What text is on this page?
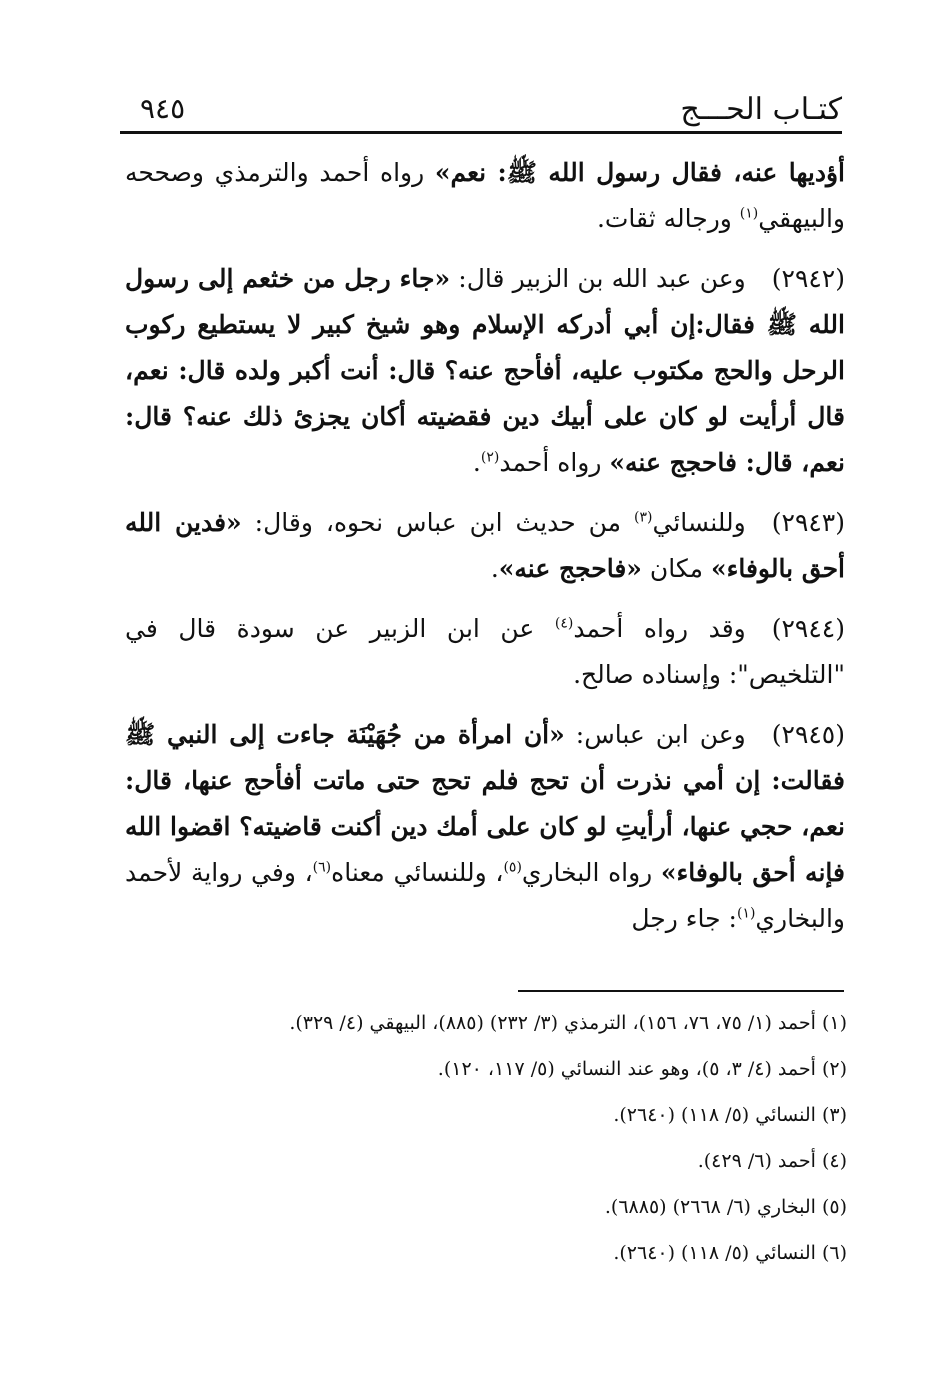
كتـاب الحـــج
٩٤٥

أؤديها عنه، فقال رسول الله ﷺ: نعم» رواه أحمد والترمذي وصححه والبيهقي$^{(١)}$ ورجاله ثقات.

(٢٩٤٢)وعن عبد الله بن الزبير قال: «جاء رجل من خثعم إلى رسول الله ﷺ فقال:إن أبي أدركه الإسلام وهو شيخ كبير لا يستطيع ركوب الرحل والحج مكتوب عليه، أفأحج عنه؟ قال: أنت أكبر ولده قال: نعم، قال أرأيت لو كان على أبيك دين فقضيته أكان يجزئ ذلك عنه؟ قال: نعم، قال: فاحجج عنه» رواه أحمد$^{(٢)}$.

(٢٩٤٣)وللنسائي$^{(٣)}$ من حديث ابن عباس نحوه، وقال: «فدين الله أحق بالوفاء» مكان «فاحجج عنه».

(٢٩٤٤)وقد رواه أحمد$^{(٤)}$ عن ابن الزبير عن سودة قال في "التلخيص": وإسناده صالح.

(٢٩٤٥)وعن ابن عباس: «أن امرأة من جُهَيْنَة جاءت إلى النبي ﷺ فقالت: إن أمي نذرت أن تحج فلم تحج حتى ماتت أفأحج عنها، قال: نعم، حجي عنها، أرأيتِ لو كان على أمك دين أكنت قاضيته؟ اقضوا الله فإنه أحق بالوفاء» رواه البخاري$^{(٥)}$، وللنسائي معناه$^{(٦)}$، وفي رواية لأحمد والبخاري$^{(١)}$: جاء رجل

(١) أحمد (١/ ٧٥، ٧٦، ١٥٦)، الترمذي (٣/ ٢٣٢) (٨٨٥)، البيهقي (٤/ ٣٢٩).
(٢) أحمد (٤/ ٣، ٥)، وهو عند النسائي (٥/ ١١٧، ١٢٠).
(٣) النسائي (٥/ ١١٨) (٢٦٤٠).
(٤) أحمد (٦/ ٤٢٩).
(٥) البخاري (٦/ ٢٦٦٨) (٦٨٨٥).
(٦) النسائي (٥/ ١١٨) (٢٦٤٠).
